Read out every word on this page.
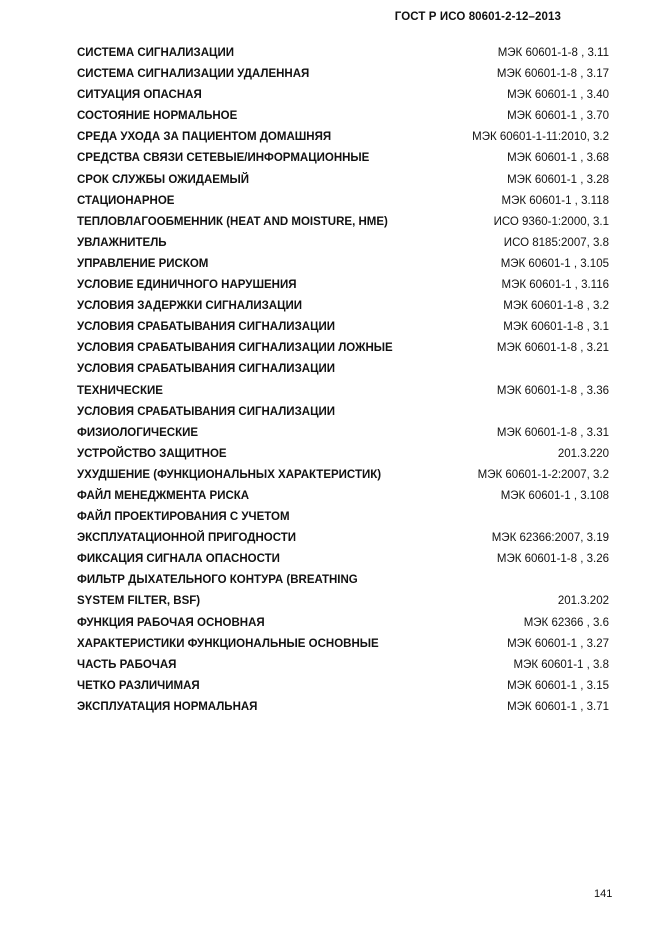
ГОСТ Р ИСО 80601-2-12–2013
СИСТЕМА СИГНАЛИЗАЦИИ	МЭК 60601-1-8 , 3.11
СИСТЕМА СИГНАЛИЗАЦИИ УДАЛЕННАЯ	МЭК 60601-1-8 , 3.17
СИТУАЦИЯ ОПАСНАЯ	МЭК 60601-1 , 3.40
СОСТОЯНИЕ НОРМАЛЬНОЕ	МЭК 60601-1 , 3.70
СРЕДА УХОДА ЗА ПАЦИЕНТОМ ДОМАШНЯЯ	МЭК 60601-1-11:2010, 3.2
СРЕДСТВА СВЯЗИ СЕТЕВЫЕ/ИНФОРМАЦИОННЫЕ	МЭК 60601-1 , 3.68
СРОК СЛУЖБЫ ОЖИДАЕМЫЙ	МЭК 60601-1 , 3.28
СТАЦИОНАРНОЕ	МЭК 60601-1 , 3.118
ТЕПЛОВЛАГООБМЕННИК (HEAT AND MOISTURE, HME)	ИСО 9360-1:2000, 3.1
УВЛАЖНИТЕЛЬ	ИСО 8185:2007, 3.8
УПРАВЛЕНИЕ РИСКОМ	МЭК 60601-1 , 3.105
УСЛОВИЕ ЕДИНИЧНОГО НАРУШЕНИЯ	МЭК 60601-1 , 3.116
УСЛОВИЯ ЗАДЕРЖКИ СИГНАЛИЗАЦИИ	МЭК 60601-1-8 , 3.2
УСЛОВИЯ СРАБАТЫВАНИЯ СИГНАЛИЗАЦИИ	МЭК 60601-1-8 , 3.1
УСЛОВИЯ СРАБАТЫВАНИЯ СИГНАЛИЗАЦИИ ЛОЖНЫЕ	МЭК 60601-1-8 , 3.21
УСЛОВИЯ СРАБАТЫВАНИЯ СИГНАЛИЗАЦИИ
ТЕХНИЧЕСКИЕ	МЭК 60601-1-8 , 3.36
УСЛОВИЯ СРАБАТЫВАНИЯ СИГНАЛИЗАЦИИ
ФИЗИОЛОГИЧЕСКИЕ	МЭК 60601-1-8 , 3.31
УСТРОЙСТВО ЗАЩИТНОЕ	201.3.220
УХУДШЕНИЕ (ФУНКЦИОНАЛЬНЫХ ХАРАКТЕРИСТИК)	МЭК 60601-1-2:2007, 3.2
ФАЙЛ МЕНЕДЖМЕНТА РИСКА	МЭК 60601-1 , 3.108
ФАЙЛ ПРОЕКТИРОВАНИЯ С УЧЕТОМ
ЭКСПЛУАТАЦИОННОЙ ПРИГОДНОСТИ	МЭК 62366:2007, 3.19
ФИКСАЦИЯ СИГНАЛА ОПАСНОСТИ	МЭК 60601-1-8 , 3.26
ФИЛЬТР ДЫХАТЕЛЬНОГО КОНТУРА (BREATHING
SYSTEM FILTER, BSF)	201.3.202
ФУНКЦИЯ РАБОЧАЯ ОСНОВНАЯ	МЭК 62366 , 3.6
ХАРАКТЕРИСТИКИ ФУНКЦИОНАЛЬНЫЕ ОСНОВНЫЕ	МЭК 60601-1 , 3.27
ЧАСТЬ РАБОЧАЯ	МЭК 60601-1 , 3.8
ЧЕТКО РАЗЛИЧИМАЯ	МЭК 60601-1 , 3.15
ЭКСПЛУАТАЦИЯ НОРМАЛЬНАЯ	МЭК 60601-1 , 3.71
141
